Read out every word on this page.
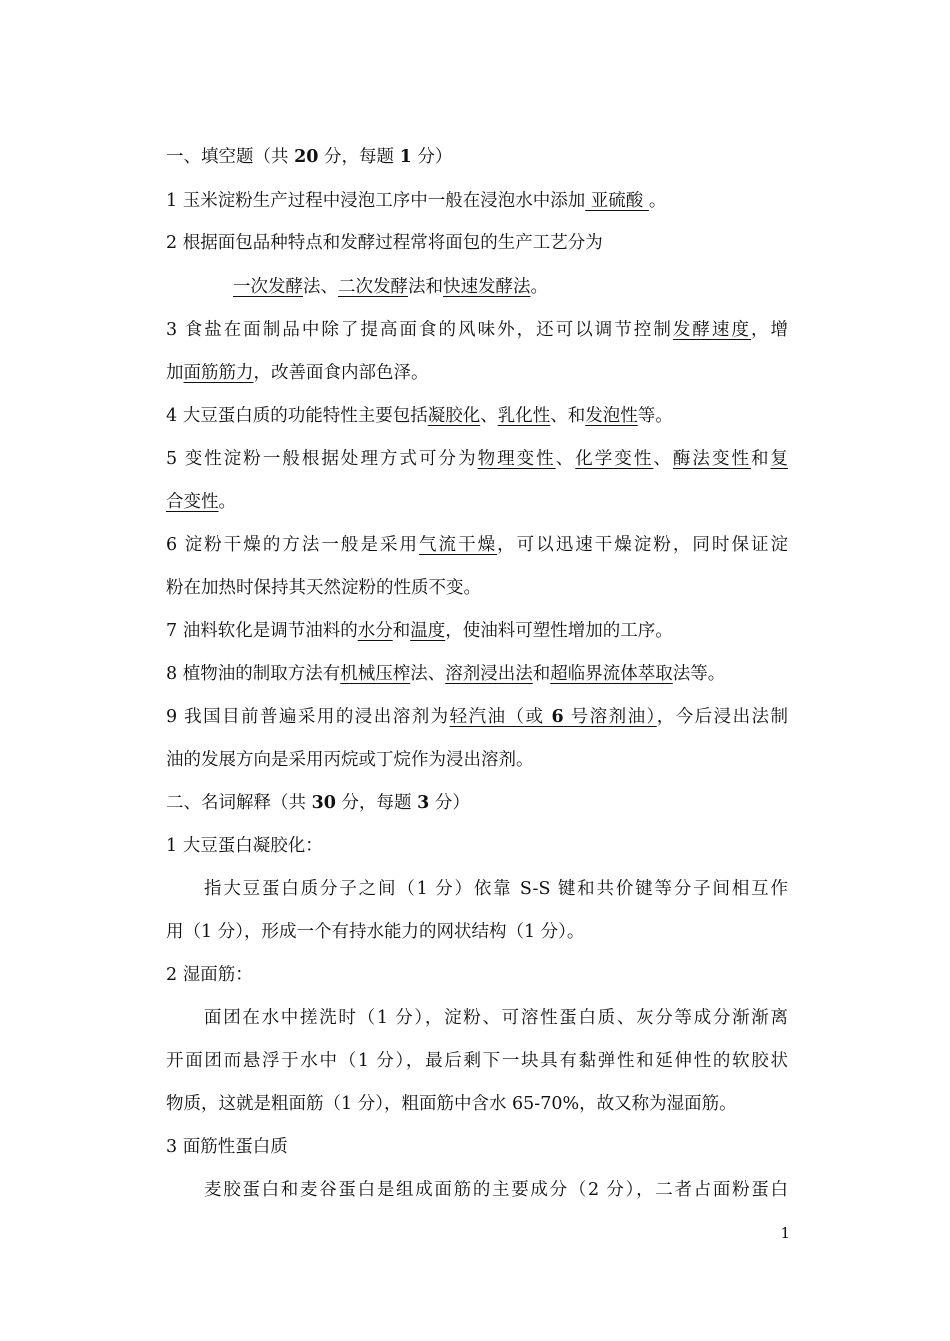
一、填空题（共 20 分，每题 1 分）
1 玉米淀粉生产过程中浸泡工序中一般在浸泡水中添加 亚硫酸 。
2 根据面包品种特点和发酵过程常将面包的生产工艺分为
一次发酵法、二次发酵法和快速发酵法。
3 食盐在面制品中除了提高面食的风味外，还可以调节控制发酵速度，增
加面筋筋力，改善面食内部色泽。
4 大豆蛋白质的功能特性主要包括凝胶化、乳化性、和发泡性等。
5 变性淀粉一般根据处理方式可分为物理变性、化学变性、酶法变性和复
合变性。
6 淀粉干燥的方法一般是采用气流干燥，可以迅速干燥淀粉，同时保证淀
粉在加热时保持其天然淀粉的性质不变。
7 油料软化是调节油料的水分和温度，使油料可塑性增加的工序。
8 植物油的制取方法有机械压榨法、溶剂浸出法和超临界流体萃取法等。
9 我国目前普遍采用的浸出溶剂为轻汽油（或 6 号溶剂油），今后浸出法制
油的发展方向是采用丙烷或丁烷作为浸出溶剂。
二、名词解释（共 30 分，每题 3 分）
1 大豆蛋白凝胶化：
指大豆蛋白质分子之间（1 分）依靠 S-S 键和共价键等分子间相互作
用（1 分），形成一个有持水能力的网状结构（1 分）。
2 湿面筋：
面团在水中搓洗时（1 分），淀粉、可溶性蛋白质、灰分等成分渐渐离
开面团而悬浮于水中（1 分），最后剩下一块具有黏弹性和延伸性的软胶状
物质，这就是粗面筋（1 分），粗面筋中含水 65-70%，故又称为湿面筋。
3 面筋性蛋白质
麦胶蛋白和麦谷蛋白是组成面筋的主要成分（2 分），二者占面粉蛋白
1
